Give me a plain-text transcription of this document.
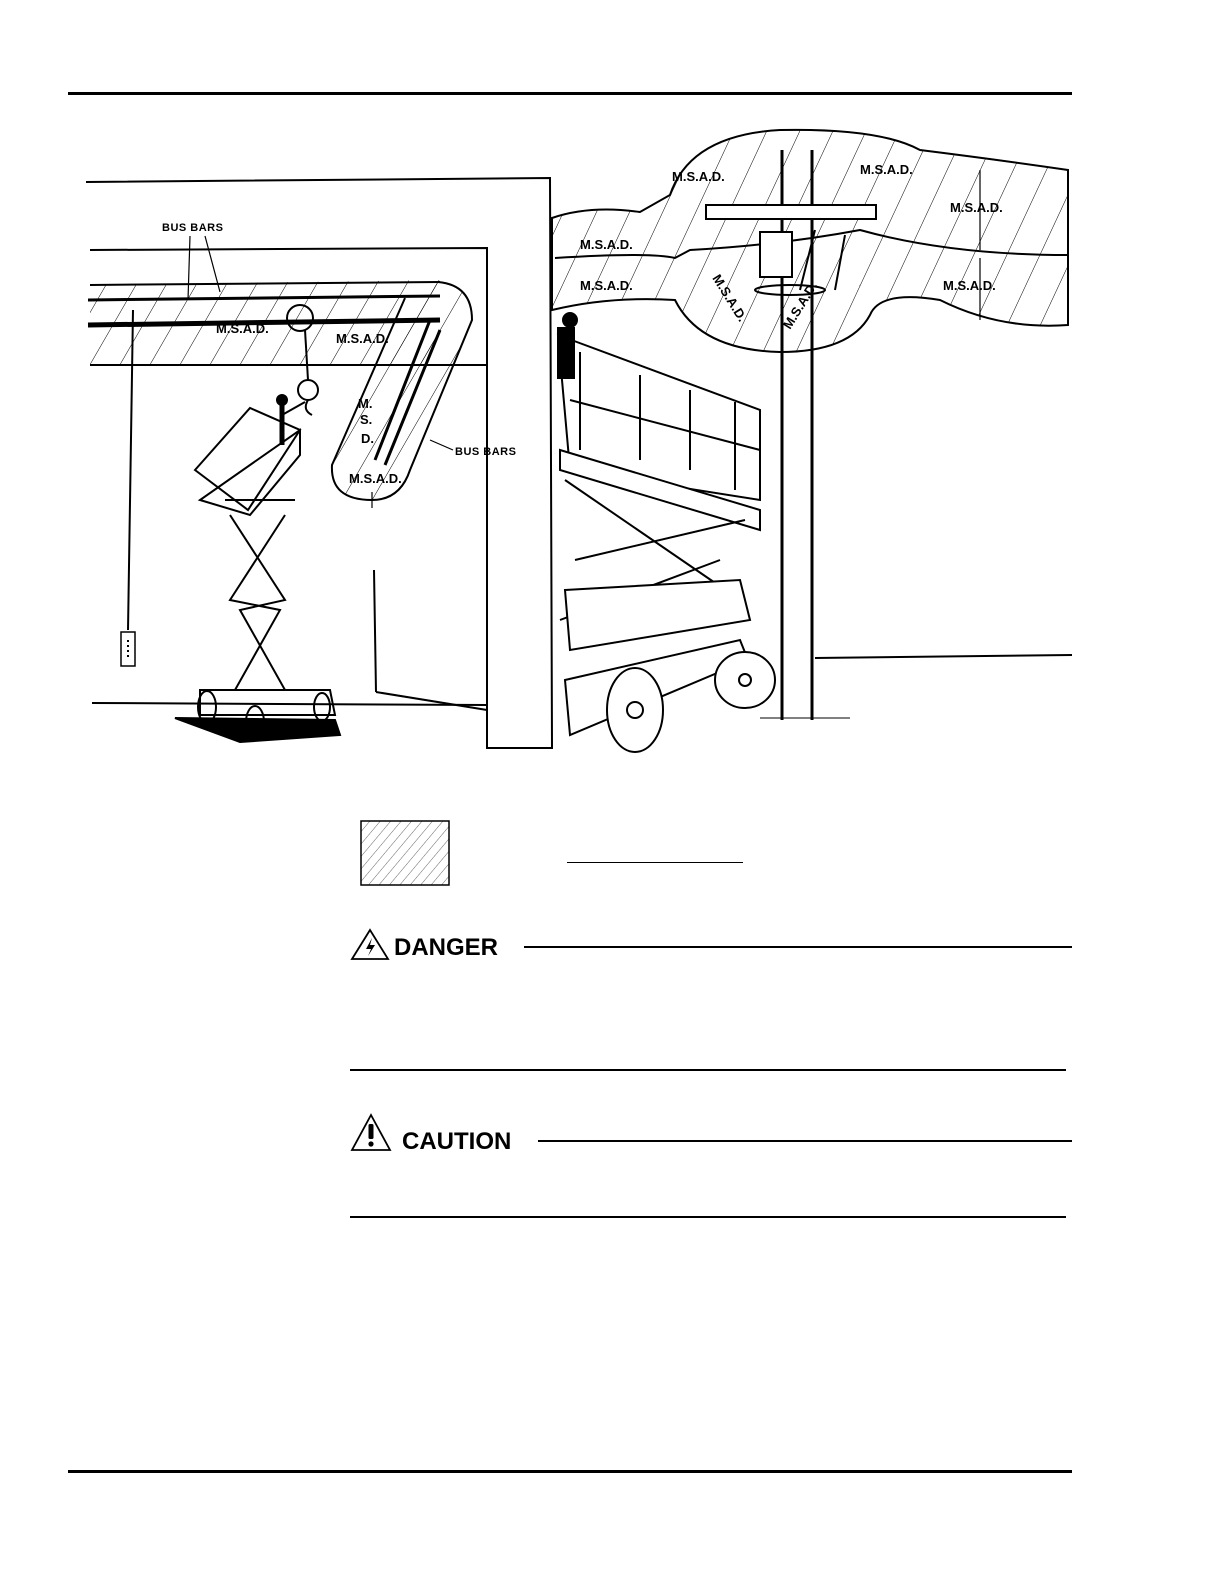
BUS BARS
M.S.A.D.
M.S.A.D.
M.
S.
D.
M.S.A.D.
BUS BARS
M.S.A.D.
M.S.A.D.
M.S.A.D.	M.S.A.D.
M.S.A.D.
M.S.A.D.
M.S.A.D. M.S.A.D.
DANGER
CAUTION
